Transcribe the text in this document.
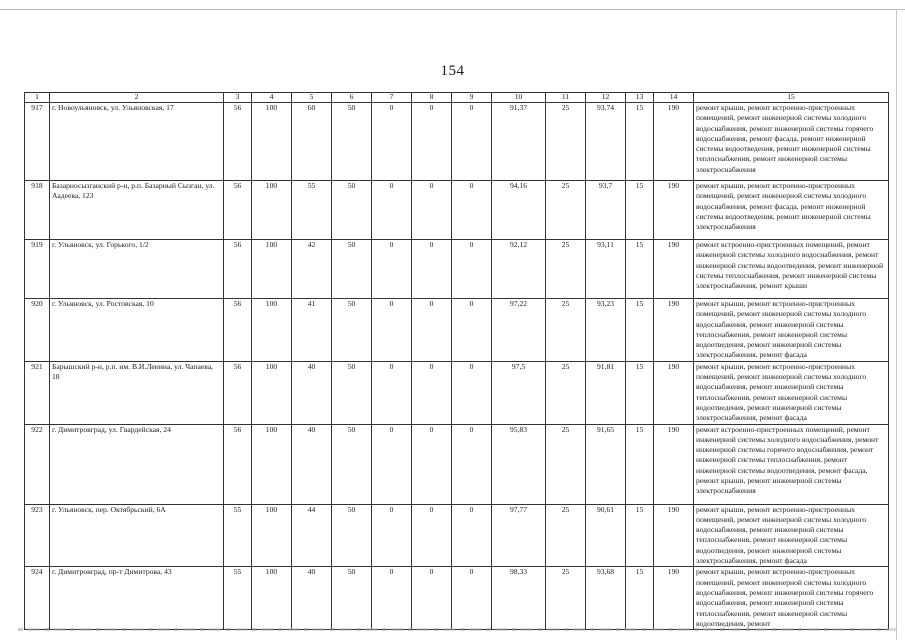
154
1	2	3	4	5	6	7	8	9	10	11	12	13	14	15
917	г. Новоульяновск, ул. Ульяновская, 17	56	100	60	50	0	0	0	91,37	25	93,74	15	190	ремонт крыши, ремонт встроенно-пристроенных помещений, ремонт инженерной системы холодного водоснабжения, ремонт инженерной системы горячего водоснабжения, ремонт фасада, ремонт инженерной системы водоотведения, ремонт инженерной системы теплоснабжения, ремонт инженерной системы электроснабжения
918	Базарносызганский р-н, р.п. Базарный Сызган, ул. Аадеева, 123	56	100	55	50	0	0	0	94,16	25	93,7	15	190	ремонт крыши, ремонт встроенно-пристроенных помещений, ремонт инженерной системы холодного водоснабжения, ремонт фасада, ремонт инженерной системы водоотведения, ремонт инженерной системы электроснабжения
919	г. Ульяновск, ул. Горького, 1/2	56	100	42	50	0	0	0	92,12	25	93,11	15	190	ремонт встроенно-пристроенных помещений, ремонт инженерной системы холодного водоснабжения, ремонт инженерной системы водоотведения, ремонт инженерной системы теплоснабжения, ремонт инженерной системы электроснабжения, ремонт крыши
920	г. Ульяновск, ул. Ростовская, 10	56	100	41	50	0	0	0	97,22	25	93,23	15	190	ремонт крыши, ремонт встроенно-пристроенных помещений, ремонт инженерной системы холодного водоснабжения, ремонт инженерной системы теплоснабжения, ремонт инженерной системы водоотведения, ремонт инженерной системы электроснабжения, ремонт фасада
921	Барышский р-н, р.п. им. В.И.Ленина, ул. Чапаева, 18	56	100	40	50	0	0	0	97,5	25	91,81	15	190	ремонт крыши, ремонт встроенно-пристроенных помещений, ремонт инженерной системы холодного водоснабжения, ремонт инженерной системы теплоснабжения, ремонт инженерной системы водоотведения, ремонт инженерной системы электроснабжения, ремонт фасада
922	г. Димитровград, ул. Гвардейская, 24	56	100	40	50	0	0	0	95,83	25	91,65	15	190	ремонт встроенно-пристроенных помещений, ремонт инженерной системы холодного водоснабжения, ремонт инженерной системы горячего водоснабжения, ремонт инженерной системы теплоснабжения, ремонт инженерной системы водоотведения, ремонт фасада, ремонт крыши, ремонт инженерной системы электроснабжения
923	г. Ульяновск, пер. Октябрьский, 6А	55	100	44	50	0	0	0	97,77	25	90,61	15	190	ремонт крыши, ремонт встроенно-пристроенных помещений, ремонт инженерной системы холодного водоснабжения, ремонт инженерной системы теплоснабжения, ремонт инженерной системы водоотведения, ремонт инженерной системы электроснабжения, ремонт фасада
924	г. Димитровград, пр-т Димитрова, 43	55	100	40	50	0	0	0	98,33	25	93,68	15	190	ремонт крыши, ремонт встроенно-пристроенных помещений, ремонт инженерной системы холодного водоснабжения, ремонт инженерной системы горячего водоснабжения, ремонт инженерной системы теплоснабжения, ремонт инженерной системы водоотведения, ремонт
